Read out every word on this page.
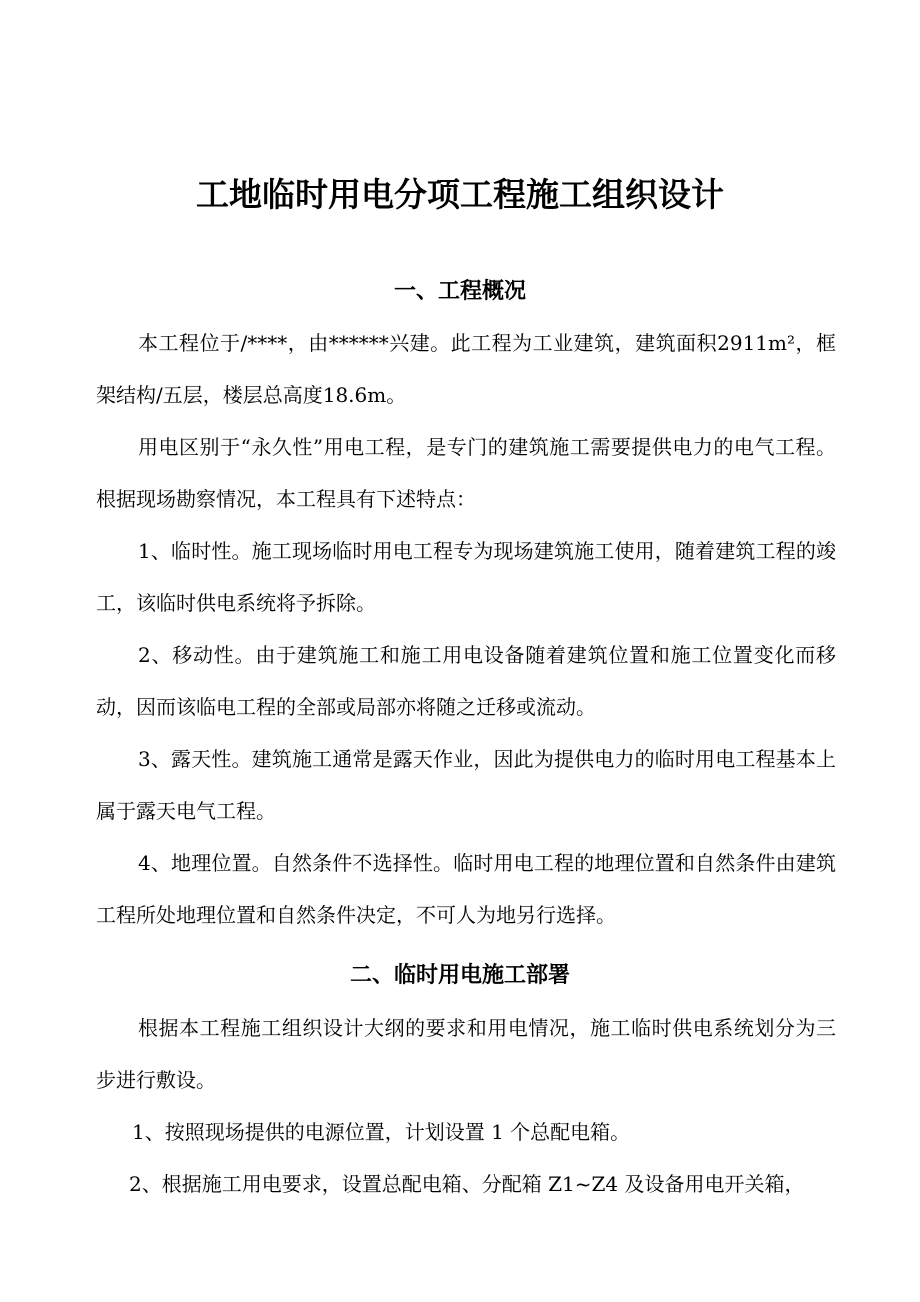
工地临时用电分项工程施工组织设计
一、工程概况

本工程位于/****，由******兴建。此工程为工业建筑，建筑面积2911m²，框架结构/五层，楼层总高度18.6m。

用电区别于“永久性”用电工程，是专门的建筑施工需要提供电力的电气工程。根据现场勘察情况，本工程具有下述特点：

1、临时性。施工现场临时用电工程专为现场建筑施工使用，随着建筑工程的竣工，该临时供电系统将予拆除。

2、移动性。由于建筑施工和施工用电设备随着建筑位置和施工位置变化而移动，因而该临电工程的全部或局部亦将随之迁移或流动。

3、露天性。建筑施工通常是露天作业，因此为提供电力的临时用电工程基本上属于露天电气工程。

4、地理位置。自然条件不选择性。临时用电工程的地理位置和自然条件由建筑工程所处地理位置和自然条件决定，不可人为地另行选择。

二、临时用电施工部署

根据本工程施工组织设计大纲的要求和用电情况，施工临时供电系统划分为三步进行敷设。

1、按照现场提供的电源位置，计划设置 1 个总配电箱。

2、根据施工用电要求，设置总配电箱、分配箱 Z1~Z4 及设备用电开关箱，
